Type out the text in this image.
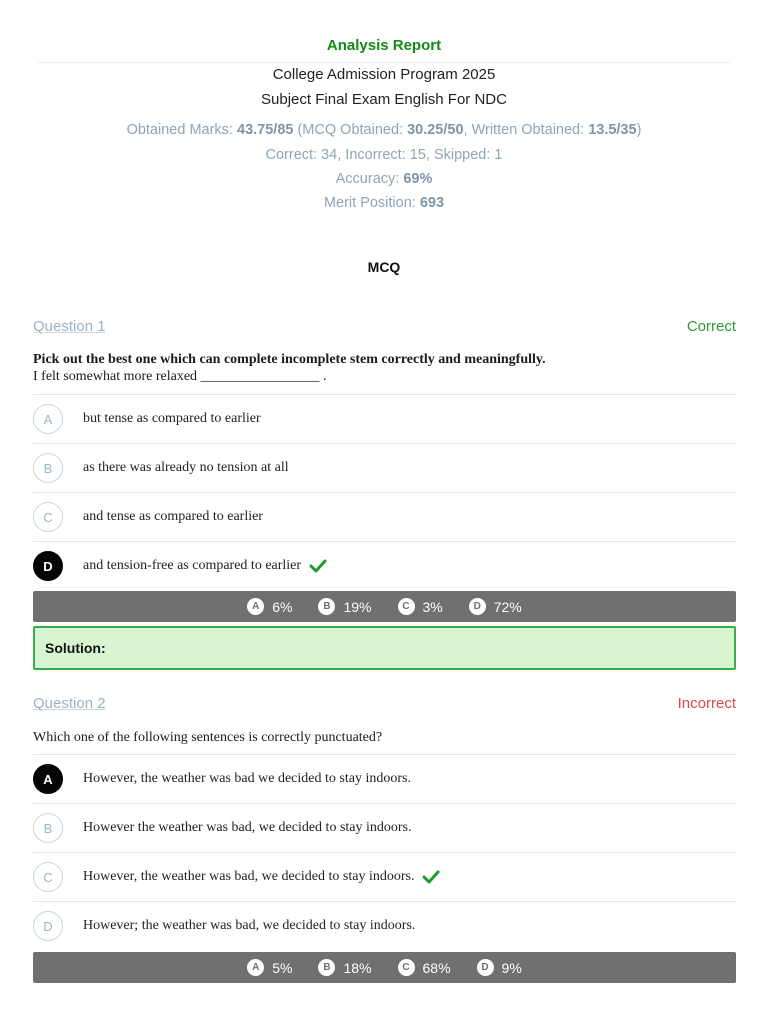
Analysis Report
College Admission Program 2025
Subject Final Exam English For NDC
Obtained Marks: 43.75/85 (MCQ Obtained: 30.25/50, Written Obtained: 13.5/35)
Correct: 34, Incorrect: 15, Skipped: 1
Accuracy: 69%
Merit Position: 693
MCQ
Question 1	Correct
Pick out the best one which can complete incomplete stem correctly and meaningfully.
I felt somewhat more relaxed _________________ .
A	but tense as compared to earlier
B	as there was already no tension at all
C	and tense as compared to earlier
D	and tension-free as compared to earlier
A 6%	B 19%	C 3%	D 72%
Solution:
Question 2	Incorrect
Which one of the following sentences is correctly punctuated?
A	However, the weather was bad we decided to stay indoors.
B	However the weather was bad, we decided to stay indoors.
C	However, the weather was bad, we decided to stay indoors.
D	However; the weather was bad, we decided to stay indoors.
A 5%	B 18%	C 68%	D 9%
